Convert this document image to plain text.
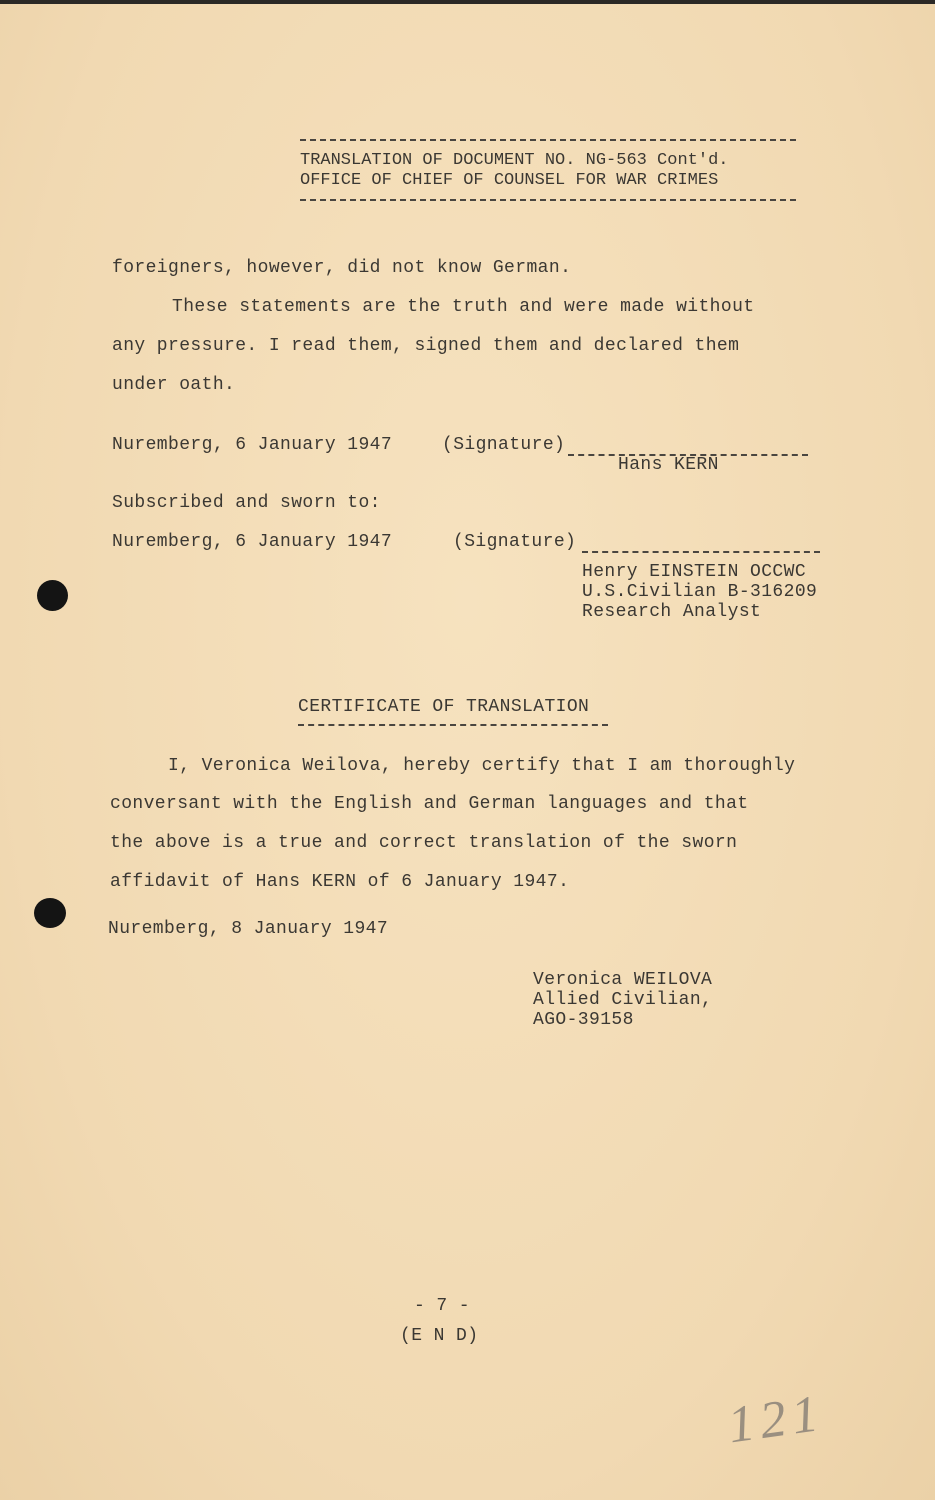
TRANSLATION OF DOCUMENT NO. NG-563 Cont'd.
OFFICE OF CHIEF OF COUNSEL FOR WAR CRIMES
foreigners, however, did not know German.
These statements are the truth and were made without
any pressure. I read them, signed them and declared them
under oath.
Nuremberg, 6 January 1947	(Signature)
Hans KERN
Subscribed and sworn to:
Nuremberg, 6 January 1947	(Signature)
Henry EINSTEIN OCCWC
U.S.Civilian B-316209
Research Analyst
CERTIFICATE OF TRANSLATION
I, Veronica Weilova, hereby certify that I am thoroughly
conversant with the English and German languages and that
the above is a true and correct translation of the sworn
affidavit of Hans KERN of 6 January 1947.
Nuremberg, 8 January 1947
Veronica WEILOVA
Allied Civilian,
AGO-39158
- 7 -
(E N D)
121
